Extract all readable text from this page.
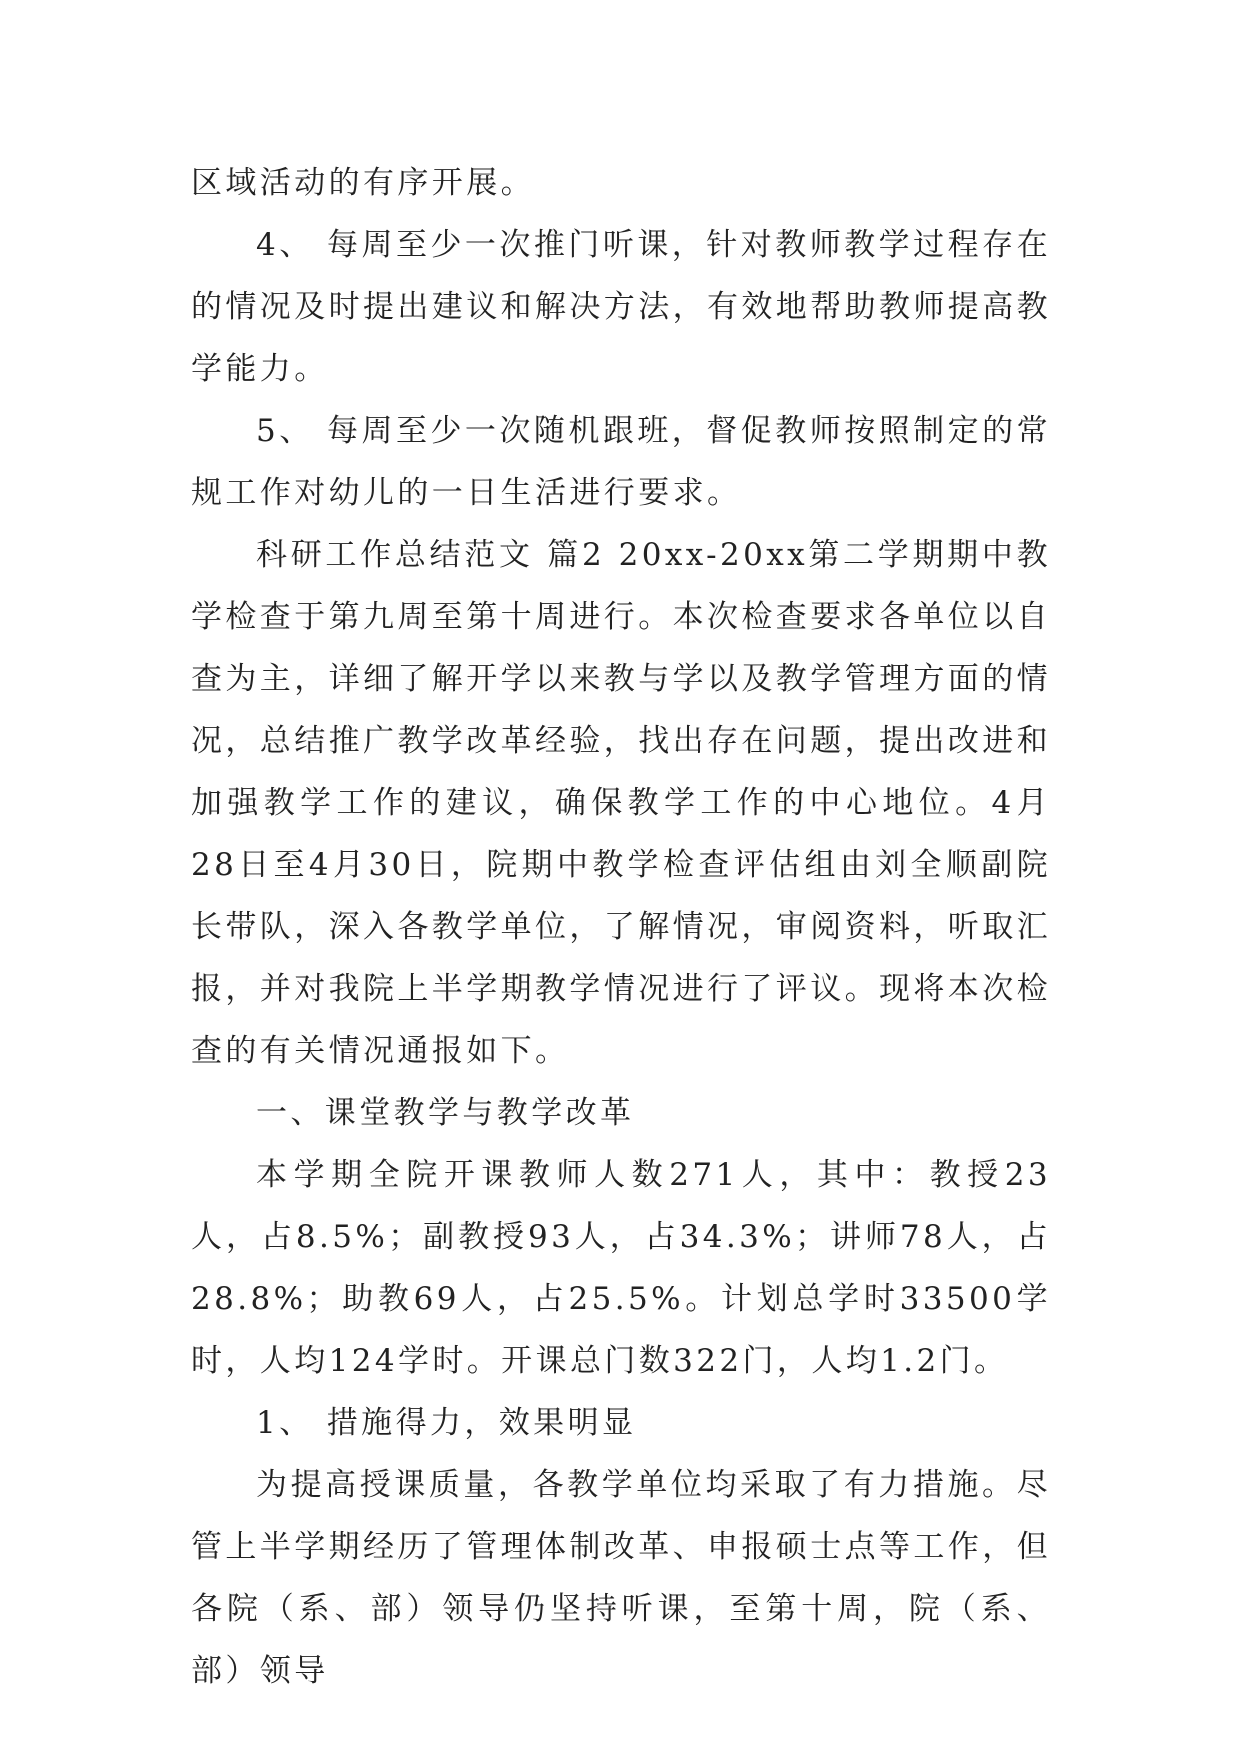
区域活动的有序开展。

4、 每周至少一次推门听课，针对教师教学过程存在的情况及时提出建议和解决方法，有效地帮助教师提高教学能力。

5、 每周至少一次随机跟班，督促教师按照制定的常规工作对幼儿的一日生活进行要求。

科研工作总结范文 篇2 20xx-20xx第二学期期中教学检查于第九周至第十周进行。本次检查要求各单位以自查为主，详细了解开学以来教与学以及教学管理方面的情况，总结推广教学改革经验，找出存在问题，提出改进和加强教学工作的建议，确保教学工作的中心地位。4月28日至4月30日，院期中教学检查评估组由刘全顺副院长带队，深入各教学单位，了解情况，审阅资料，听取汇报，并对我院上半学期教学情况进行了评议。现将本次检查的有关情况通报如下。

一、课堂教学与教学改革

本学期全院开课教师人数271人，其中：教授23人，占8.5%；副教授93人，占34.3%；讲师78人，占28.8%；助教69人，占25.5%。计划总学时33500学时，人均124学时。开课总门数322门，人均1.2门。

1、 措施得力，效果明显

为提高授课质量，各教学单位均采取了有力措施。尽管上半学期经历了管理体制改革、申报硕士点等工作，但各院（系、部）领导仍坚持听课，至第十周，院（系、部）领导
